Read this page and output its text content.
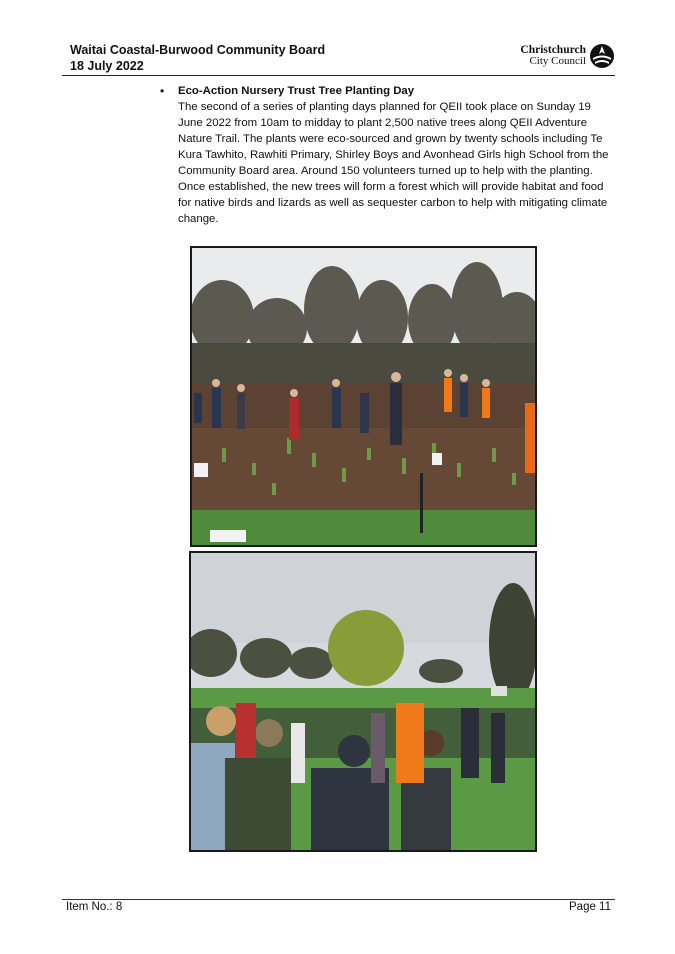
Waitai Coastal-Burwood Community Board
18 July 2022
Christchurch
City Council
• Eco-Action Nursery Trust Tree Planting Day
The second of a series of planting days planned for QEII took place on Sunday 19 June 2022 from 10am to midday to plant 2,500 native trees along QEII Adventure Nature Trail. The plants were eco-sourced and grown by twenty schools including Te Kura Tawhito, Rawhiti Primary, Shirley Boys and Avonhead Girls high School from the Community Board area. Around 150 volunteers turned up to help with the planting. Once established, the new trees will form a forest which will provide habitat and food for native birds and lizards as well as sequester carbon to help with mitigating climate change.
Item No.: 8	Page 11
